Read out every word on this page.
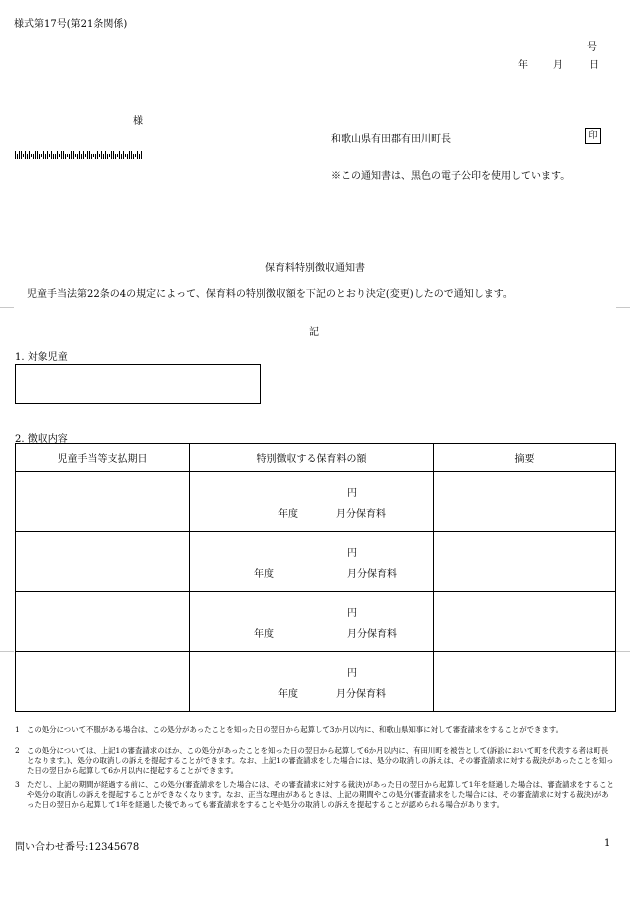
様式第17号(第21条関係)
号
年	月	日
様
和歌山県有田郡有田川町長	印
※この通知書は、黒色の電子公印を使用しています。
保育料特別徴収通知書
児童手当法第22条の4の規定によって、保育料の特別徴収額を下記のとおり決定(変更)したので通知します。
記
1. 対象児童
2. 徴収内容
児童手当等支払期日	特別徴収する保育料の額	摘要

	円
年度 月分保育料	

	円
年度 月分保育料	

	円
年度 月分保育料	

	円
年度 月分保育料	

1 この処分について不服がある場合は、この処分があったことを知った日の翌日から起算して3か月以内に、和歌山県知事に対して審査請求をすることができます。
2 この処分については、上記1の審査請求のほか、この処分があったことを知った日の翌日から起算して6か月以内に、有田川町を被告として(訴訟において町を代表する者は町長となります。)、処分の取消しの訴えを提起することができます。なお、上記1の審査請求をした場合には、処分の取消しの訴えは、その審査請求に対する裁決があったことを知った日の翌日から起算して6か月以内に提起することができます。
3 ただし、上記の期間が経過する前に、この処分(審査請求をした場合には、その審査請求に対する裁決)があった日の翌日から起算して1年を経過した場合は、審査請求をすることや処分の取消しの訴えを提起することができなくなります。なお、正当な理由があるときは、上記の期間やこの処分(審査請求をした場合には、その審査請求に対する裁決)があった日の翌日から起算して1年を経過した後であっても審査請求をすることや処分の取消しの訴えを提起することが認められる場合があります。
問い合わせ番号:12345678	1
